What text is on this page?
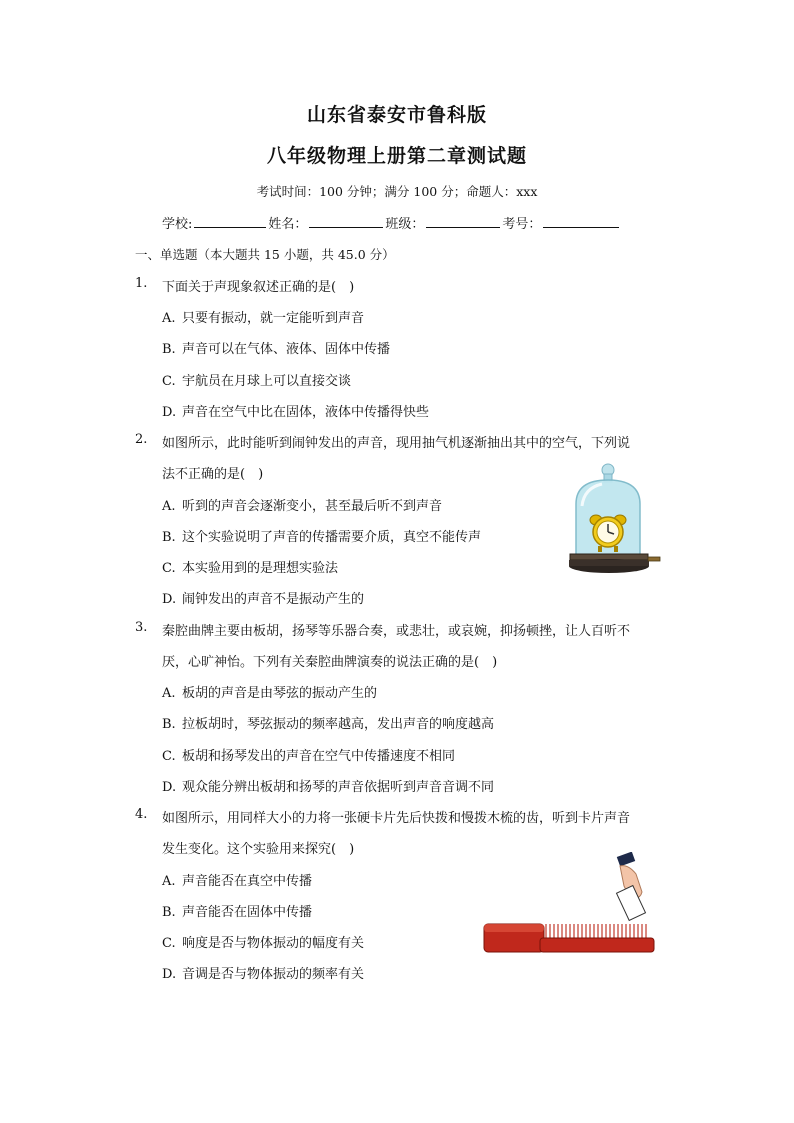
山东省泰安市鲁科版
八年级物理上册第二章测试题
考试时间：100 分钟；满分 100 分；命题人：xxx
学校:	姓名：	班级：	考号：
一、单选题（本大题共 15 小题，共 45.0 分）
1. 下面关于声现象叙述正确的是(　)
A. 只要有振动，就一定能听到声音
B. 声音可以在气体、液体、固体中传播
C. 宇航员在月球上可以直接交谈
D. 声音在空气中比在固体，液体中传播得快些
2. 如图所示，此时能听到闹钟发出的声音，现用抽气机逐渐抽出其中的空气，下列说
法不正确的是(　)
A. 听到的声音会逐渐变小，甚至最后听不到声音
B. 这个实验说明了声音的传播需要介质，真空不能传声
C. 本实验用到的是理想实验法
D. 闹钟发出的声音不是振动产生的
3. 秦腔曲牌主要由板胡，扬琴等乐器合奏，或悲壮，或哀婉，抑扬顿挫，让人百听不
厌，心旷神怡。下列有关秦腔曲牌演奏的说法正确的是(　)
A. 板胡的声音是由琴弦的振动产生的
B. 拉板胡时，琴弦振动的频率越高，发出声音的响度越高
C. 板胡和扬琴发出的声音在空气中传播速度不相同
D. 观众能分辨出板胡和扬琴的声音依据听到声音音调不同
4. 如图所示，用同样大小的力将一张硬卡片先后快拨和慢拨木梳的齿，听到卡片声音
发生变化。这个实验用来探究(　)
A. 声音能否在真空中传播
B. 声音能否在固体中传播
C. 响度是否与物体振动的幅度有关
D. 音调是否与物体振动的频率有关
